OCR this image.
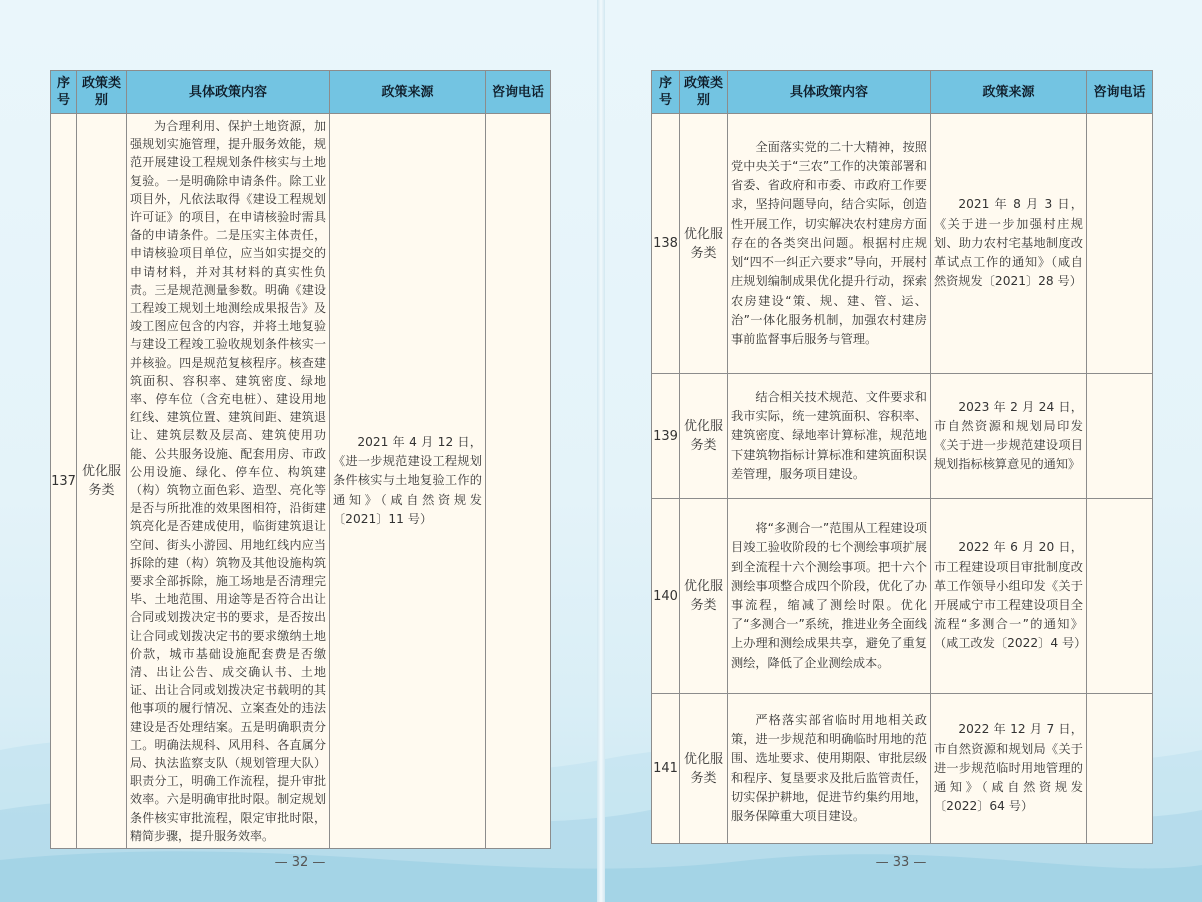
序号	政策类别	具体政策内容	政策来源	咨询电话
137	优化服务类	为合理利用、保护土地资源，加强规划实施管理，提升服务效能，规范开展建设工程规划条件核实与土地复验。一是明确除申请条件。除工业项目外，凡依法取得《建设工程规划许可证》的项目，在申请核验时需具备的申请条件。二是压实主体责任，申请核验项目单位，应当如实提交的申请材料，并对其材料的真实性负责。三是规范测量参数。明确《建设工程竣工规划土地测绘成果报告》及竣工图应包含的内容，并将土地复验与建设工程竣工验收规划条件核实一并核验。四是规范复核程序。核查建筑面积、容积率、建筑密度、绿地率、停车位（含充电桩）、建设用地红线、建筑位置、建筑间距、建筑退让、建筑层数及层高、建筑使用功能、公共服务设施、配套用房、市政公用设施、绿化、停车位、构筑建（构）筑物立面色彩、造型、亮化等是否与所批准的效果图相符，沿街建筑亮化是否建成使用，临街建筑退让空间、街头小游园、用地红线内应当拆除的建（构）筑物及其他设施构筑要求全部拆除，施工场地是否清理完毕、土地范围、用途等是否符合出让合同或划拨决定书的要求，是否按出让合同或划拨决定书的要求缴纳土地价款，城市基础设施配套费是否缴清、出让公告、成交确认书、土地证、出让合同或划拨决定书载明的其他事项的履行情况、立案查处的违法建设是否处理结案。五是明确职责分工。明确法规科、风用科、各直属分局、执法监察支队（规划管理大队）职责分工，明确工作流程，提升审批效率。六是明确审批时限。制定规划条件核实审批流程，限定审批时限，精简步骤，提升服务效率。	2021 年 4 月 12 日，《进一步规范建设工程规划条件核实与土地复验工作的通知》（咸自然资规发〔2021〕11 号）	
— 32 —
序号	政策类别	具体政策内容	政策来源	咨询电话
138	优化服务类	全面落实党的二十大精神，按照党中央关于“三农”工作的决策部署和省委、省政府和市委、市政府工作要求，坚持问题导向，结合实际，创造性开展工作，切实解决农村建房方面存在的各类突出问题。根据村庄规划“四不一纠正六要求”导向，开展村庄规划编制成果优化提升行动，探索农房建设“策、规、建、管、运、治”一体化服务机制，加强农村建房事前监督事后服务与管理。	2021 年 8 月 3 日，《关于进一步加强村庄规划、助力农村宅基地制度改革试点工作的通知》（咸自然资规发〔2021〕28 号）	
139	优化服务类	结合相关技术规范、文件要求和我市实际，统一建筑面积、容积率、建筑密度、绿地率计算标准，规范地下建筑物指标计算标准和建筑面积误差管理，服务项目建设。	2023 年 2 月 24 日，市自然资源和规划局印发《关于进一步规范建设项目规划指标核算意见的通知》	
140	优化服务类	将“多测合一”范围从工程建设项目竣工验收阶段的七个测绘事项扩展到全流程十六个测绘事项。把十六个测绘事项整合成四个阶段，优化了办事流程，缩减了测绘时限。优化了“多测合一”系统，推进业务全面线上办理和测绘成果共享，避免了重复测绘，降低了企业测绘成本。	2022 年 6 月 20 日，市工程建设项目审批制度改革工作领导小组印发《关于开展咸宁市工程建设项目全流程“多测合一”的通知》（咸工改发〔2022〕4 号）	
141	优化服务类	严格落实部省临时用地相关政策，进一步规范和明确临时用地的范围、选址要求、使用期限、审批层级和程序、复垦要求及批后监管责任，切实保护耕地，促进节约集约用地，服务保障重大项目建设。	2022 年 12 月 7 日，市自然资源和规划局《关于进一步规范临时用地管理的通知》（咸自然资规发〔2022〕64 号）	
— 33 —
